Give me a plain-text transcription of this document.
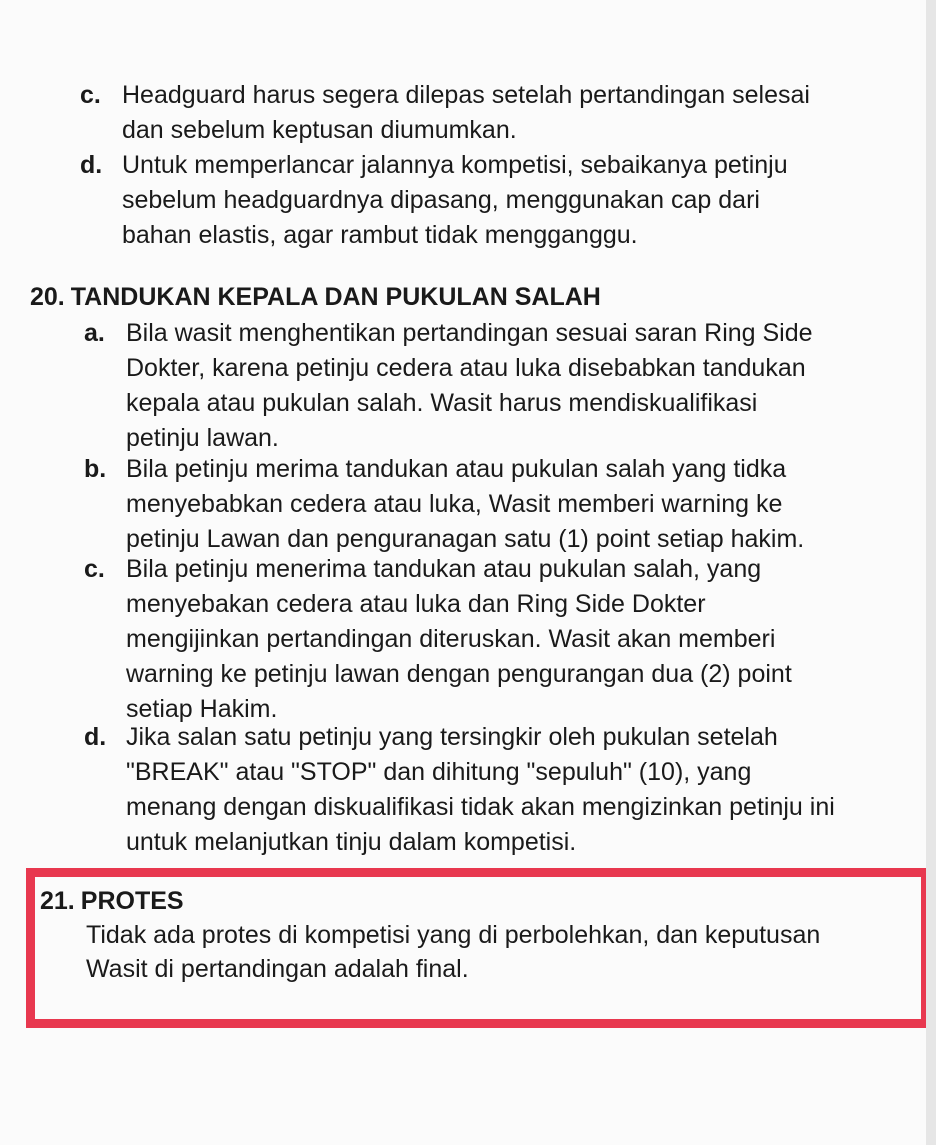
c. Headguard harus segera dilepas setelah pertandingan selesai
dan sebelum keptusan diumumkan.
d. Untuk memperlancar jalannya kompetisi, sebaikanya petinju
sebelum headguardnya dipasang, menggunakan cap dari
bahan elastis, agar rambut tidak mengganggu.
20. TANDUKAN KEPALA DAN PUKULAN SALAH
a. Bila wasit menghentikan pertandingan sesuai saran Ring Side
Dokter, karena petinju cedera atau luka disebabkan tandukan
kepala atau pukulan salah. Wasit harus mendiskualifikasi
petinju lawan.
b. Bila petinju merima tandukan atau pukulan salah yang tidka
menyebabkan cedera atau luka, Wasit memberi warning ke
petinju Lawan dan penguranagan satu (1) point setiap hakim.
c. Bila petinju menerima tandukan atau pukulan salah, yang
menyebakan cedera atau luka dan Ring Side Dokter
mengijinkan pertandingan diteruskan. Wasit akan memberi
warning ke petinju lawan dengan pengurangan dua (2) point
setiap Hakim.
d. Jika salan satu petinju yang tersingkir oleh pukulan setelah
"BREAK" atau "STOP" dan dihitung "sepuluh" (10), yang
menang dengan diskualifikasi tidak akan mengizinkan petinju ini
untuk melanjutkan tinju dalam kompetisi.
21. PROTES
Tidak ada protes di kompetisi yang di perbolehkan, dan keputusan
Wasit di pertandingan adalah final.
